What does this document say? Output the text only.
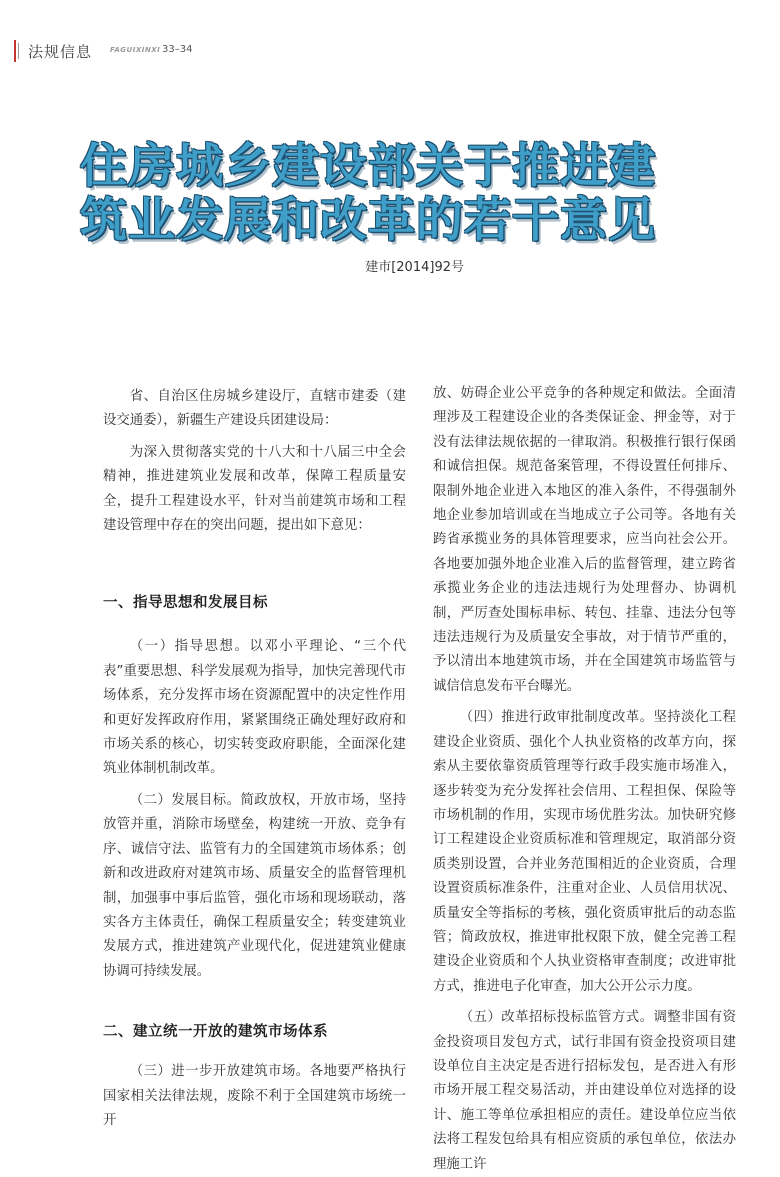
法规信息	FAGUIXINXI 33–34
住房城乡建设部关于推进建
筑业发展和改革的若干意见
建市[2014]92号

省、自治区住房城乡建设厅，直辖市建委（建设交通委），新疆生产建设兵团建设局：

为深入贯彻落实党的十八大和十八届三中全会精神，推进建筑业发展和改革，保障工程质量安全，提升工程建设水平，针对当前建筑市场和工程建设管理中存在的突出问题，提出如下意见：

一、指导思想和发展目标

（一）指导思想。以邓小平理论、“三个代表”重要思想、科学发展观为指导，加快完善现代市场体系，充分发挥市场在资源配置中的决定性作用和更好发挥政府作用，紧紧围绕正确处理好政府和市场关系的核心，切实转变政府职能，全面深化建筑业体制机制改革。

（二）发展目标。简政放权，开放市场，坚持放管并重，消除市场壁垒，构建统一开放、竞争有序、诚信守法、监管有力的全国建筑市场体系；创新和改进政府对建筑市场、质量安全的监督管理机制，加强事中事后监管，强化市场和现场联动，落实各方主体责任，确保工程质量安全；转变建筑业发展方式，推进建筑产业现代化，促进建筑业健康协调可持续发展。

二、建立统一开放的建筑市场体系

（三）进一步开放建筑市场。各地要严格执行国家相关法律法规，废除不利于全国建筑市场统一开

放、妨碍企业公平竞争的各种规定和做法。全面清理涉及工程建设企业的各类保证金、押金等，对于没有法律法规依据的一律取消。积极推行银行保函和诚信担保。规范备案管理，不得设置任何排斥、限制外地企业进入本地区的准入条件，不得强制外地企业参加培训或在当地成立子公司等。各地有关跨省承揽业务的具体管理要求，应当向社会公开。各地要加强外地企业准入后的监督管理，建立跨省承揽业务企业的违法违规行为处理督办、协调机制，严厉查处围标串标、转包、挂靠、违法分包等违法违规行为及质量安全事故，对于情节严重的，予以清出本地建筑市场，并在全国建筑市场监管与诚信信息发布平台曝光。

（四）推进行政审批制度改革。坚持淡化工程建设企业资质、强化个人执业资格的改革方向，探索从主要依靠资质管理等行政手段实施市场准入，逐步转变为充分发挥社会信用、工程担保、保险等市场机制的作用，实现市场优胜劣汰。加快研究修订工程建设企业资质标准和管理规定，取消部分资质类别设置，合并业务范围相近的企业资质，合理设置资质标准条件，注重对企业、人员信用状况、质量安全等指标的考核，强化资质审批后的动态监管；简政放权，推进审批权限下放，健全完善工程建设企业资质和个人执业资格审查制度；改进审批方式，推进电子化审查，加大公开公示力度。

（五）改革招标投标监管方式。调整非国有资金投资项目发包方式，试行非国有资金投资项目建设单位自主决定是否进行招标发包，是否进入有形市场开展工程交易活动，并由建设单位对选择的设计、施工等单位承担相应的责任。建设单位应当依法将工程发包给具有相应资质的承包单位，依法办理施工许
